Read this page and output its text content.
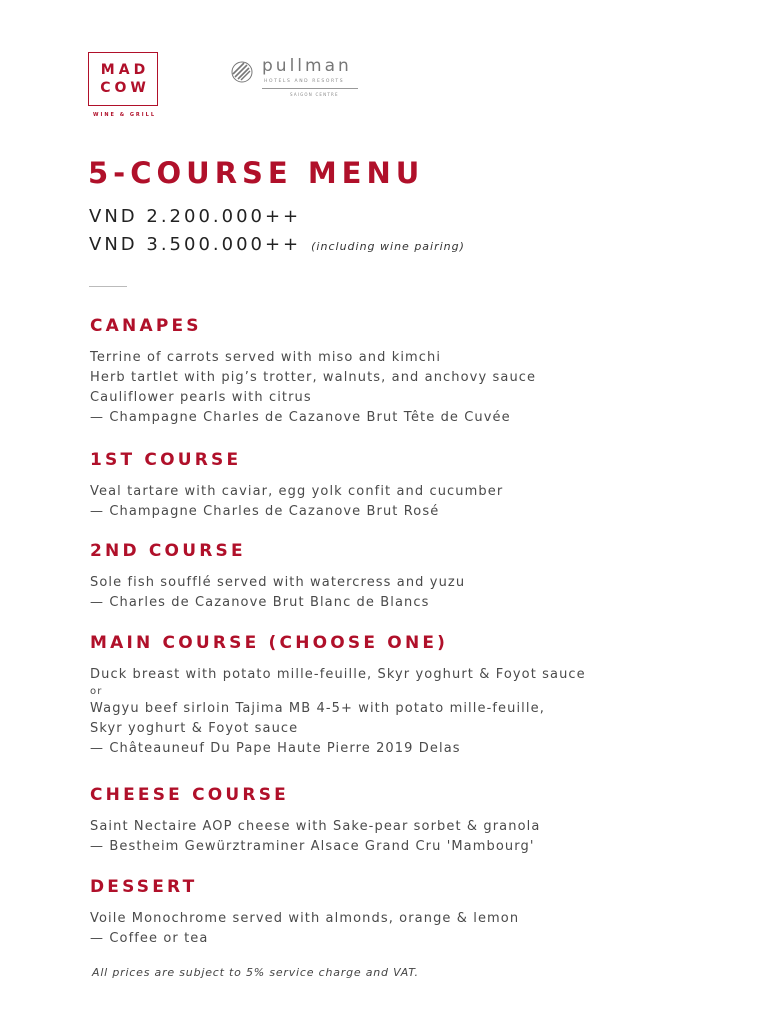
MAD
COW
WINE & GRILL
pullman
HOTELS AND RESORTS
SAIGON CENTRE
5-COURSE MENU
VND 2.200.000++
VND 3.500.000++ (including wine pairing)
CANAPES
Terrine of carrots served with miso and kimchi
Herb tartlet with pig’s trotter, walnuts, and anchovy sauce
Cauliflower pearls with citrus
— Champagne Charles de Cazanove Brut Tête de Cuvée
1ST COURSE
Veal tartare with caviar, egg yolk confit and cucumber
— Champagne Charles de Cazanove Brut Rosé
2ND COURSE
Sole fish soufflé served with watercress and yuzu
— Charles de Cazanove Brut Blanc de Blancs
MAIN COURSE (CHOOSE ONE)
Duck breast with potato mille-feuille, Skyr yoghurt & Foyot sauce
or
Wagyu beef sirloin Tajima MB 4-5+ with potato mille-feuille,
Skyr yoghurt & Foyot sauce
— Châteauneuf Du Pape Haute Pierre 2019 Delas
CHEESE COURSE
Saint Nectaire AOP cheese with Sake-pear sorbet & granola
— Bestheim Gewürztraminer Alsace Grand Cru 'Mambourg'
DESSERT
Voile Monochrome served with almonds, orange & lemon
— Coffee or tea
All prices are subject to 5% service charge and VAT.
